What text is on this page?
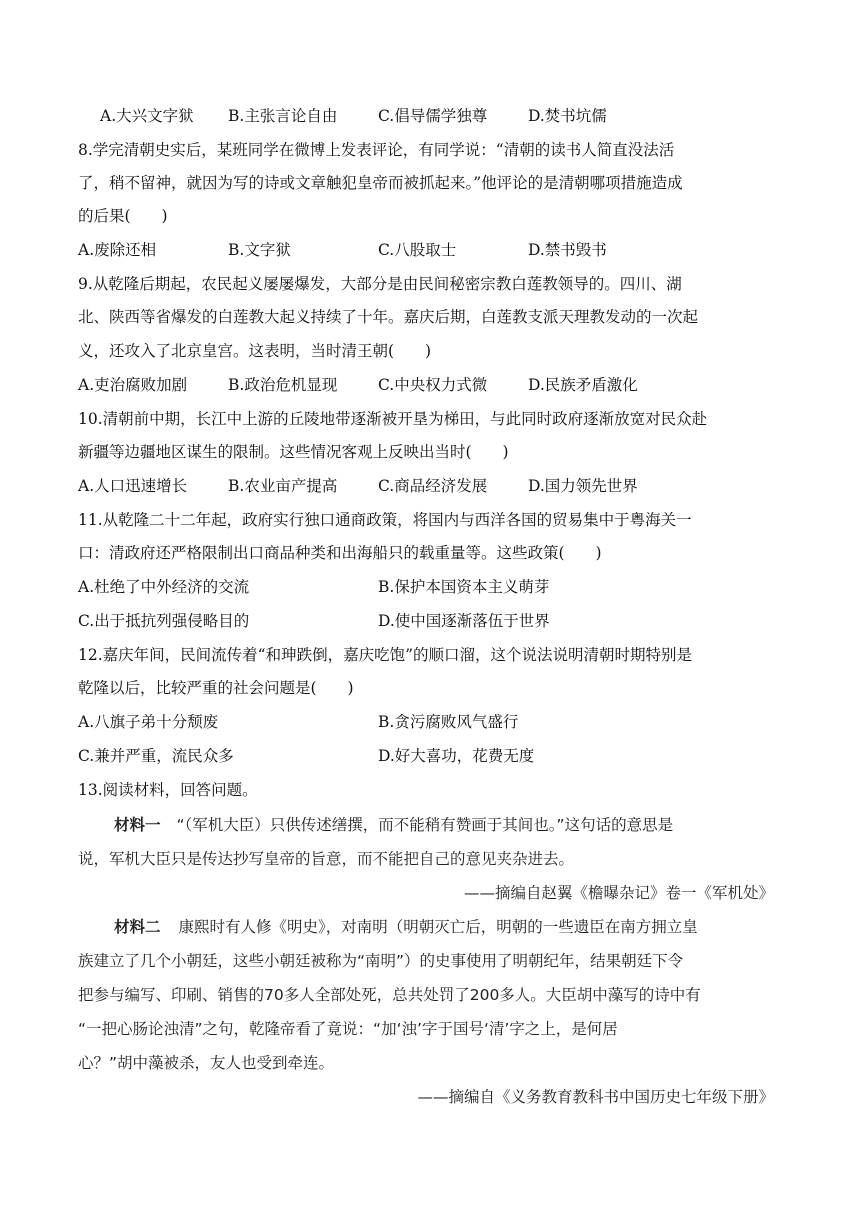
A.大兴文字狱 B.主张言论自由	C.倡导儒学独尊	D.焚书坑儒
8.学完清朝史实后，某班同学在微博上发表评论，有同学说：“清朝的读书人简直没法活
了，稍不留神，就因为写的诗或文章触犯皇帝而被抓起来。”他评论的是清朝哪项措施造成
的后果(　　)
A.废除还相	B.文字狱	C.八股取士	D.禁书毁书
9.从乾隆后期起，农民起义屡屡爆发，大部分是由民间秘密宗教白莲教领导的。四川、湖
北、陕西等省爆发的白莲教大起义持续了十年。嘉庆后期，白莲教支派天理教发动的一次起
义，还攻入了北京皇宫。这表明，当时清王朝(　　)
A.吏治腐败加剧	B.政治危机显现	C.中央权力式微	D.民族矛盾激化
10.清朝前中期，长江中上游的丘陵地带逐渐被开垦为梯田，与此同时政府逐渐放宽对民众赴
新疆等边疆地区谋生的限制。这些情况客观上反映出当时(　　)
A.人口迅速增长	B.农业亩产提高	C.商品经济发展	D.国力领先世界
11.从乾隆二十二年起，政府实行独口通商政策，将国内与西洋各国的贸易集中于粤海关一
口：清政府还严格限制出口商品种类和出海船只的载重量等。这些政策(　　)
A.杜绝了中外经济的交流	B.保护本国资本主义萌芽
C.出于抵抗列强侵略目的	D.使中国逐渐落伍于世界
12.嘉庆年间，民间流传着“和珅跌倒，嘉庆吃饱”的顺口溜，这个说法说明清朝时期特别是
乾隆以后，比较严重的社会问题是(　　)
A.八旗子弟十分颓废	B.贪污腐败风气盛行
C.兼并严重，流民众多	D.好大喜功，花费无度
13.阅读材料，回答问题。
材料一 “（军机大臣）只供传述缮撰，而不能稍有赞画于其间也。”这句话的意思是
说，军机大臣只是传达抄写皇帝的旨意，而不能把自己的意见夹杂进去。
——摘编自赵翼《檐曝杂记》卷一《军机处》
材料二 康熙时有人修《明史》，对南明（明朝灭亡后，明朝的一些遗臣在南方拥立皇
族建立了几个小朝廷，这些小朝廷被称为“南明”）的史事使用了明朝纪年，结果朝廷下令
把参与编写、印刷、销售的70多人全部处死，总共处罚了200多人。大臣胡中藻写的诗中有
“一把心肠论浊清”之句，乾隆帝看了竟说：“加‘浊’字于国号‘清’字之上，是何居
心？”胡中藻被杀，友人也受到牵连。
——摘编自《义务教育教科书中国历史七年级下册》
